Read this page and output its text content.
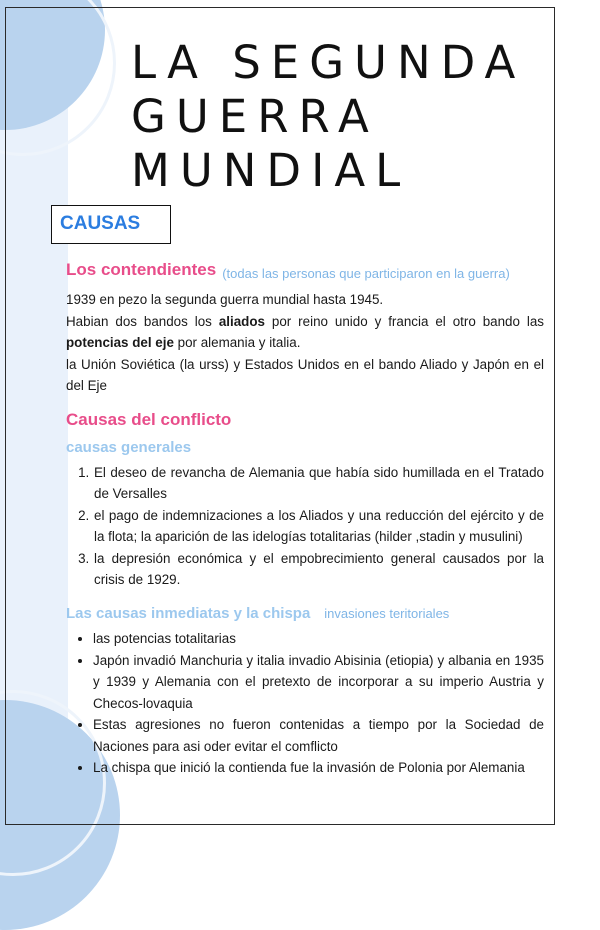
LA SEGUNDA
GUERRA
MUNDIAL
CAUSAS
Los contendientes (todas las personas que participaron en la guerra)

1939 en pezo la segunda guerra mundial hasta 1945.

Habian dos bandos los aliados por reino unido y francia el otro bando las potencias del eje por alemania y italia.

la Unión Soviética (la urss) y Estados Unidos en el bando Aliado y Japón en el del Eje

Causas del conflicto
causas generales
1. El deseo de revancha de Alemania que había sido humillada en el Tratado de Versalles
2. el pago de indemnizaciones a los Aliados y una reducción del ejército y de la flota; la aparición de las idelogías totalitarias (hilder ,stadin y musulini)
3. la depresión económica y el empobrecimiento general causados por la crisis de 1929.
Las causas inmediatas y la chispa invasiones teritoriales
• las potencias totalitarias
• Japón invadió Manchuria y italia invadio Abisinia (etiopia) y albania en 1935 y 1939 y Alemania con el pretexto de incorporar a su imperio Austria y Checos-lovaquia
• Estas agresiones no fueron contenidas a tiempo por la Sociedad de Naciones para asi oder evitar el comflicto
• La chispa que inició la contienda fue la invasión de Polonia por Alemania
